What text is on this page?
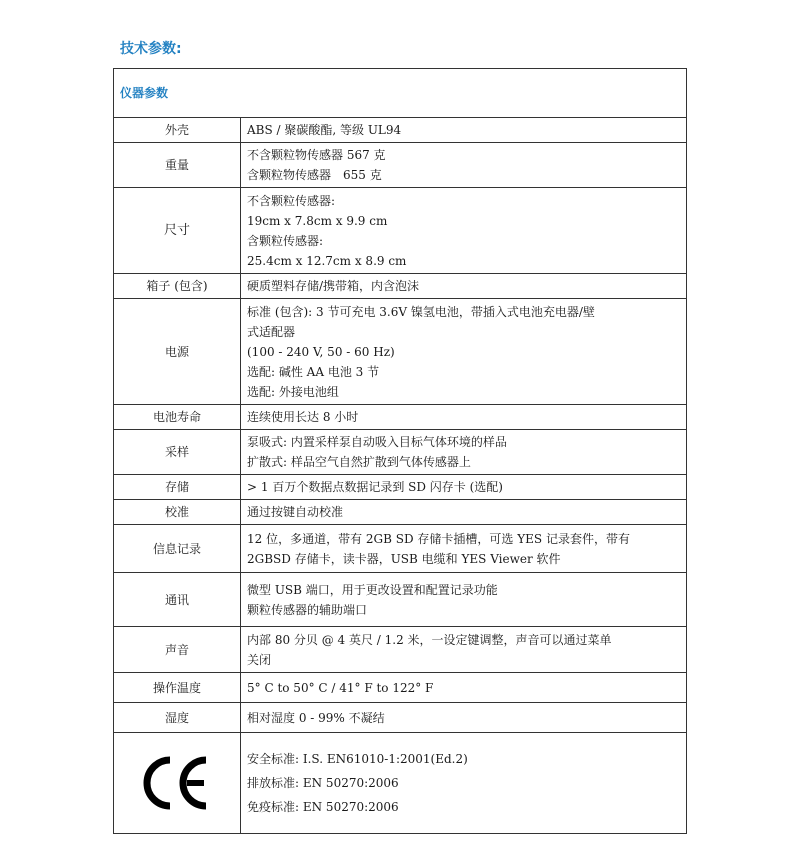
技术参数:
仪器参数	
外壳	ABS / 聚碳酸酯, 等级 UL94

重量	不含颗粒物传感器 567 克
含颗粒物传感器　655 克

尺寸	不含颗粒传感器:
19cm x 7.8cm x 9.9 cm
含颗粒传感器:
25.4cm x 12.7cm x 8.9 cm

箱子 (包含)	硬质塑料存储/携带箱，内含泡沫

电源	标准 (包含): 3 节可充电 3.6V 镍氢电池，带插入式电池充电器/壁
式适配器
(100 - 240 V, 50 - 60 Hz)
选配: 碱性 AA 电池 3 节
选配: 外接电池组

电池寿命	连续使用长达 8 小时

采样	泵吸式: 内置采样泵自动吸入目标气体环境的样品
扩散式: 样品空气自然扩散到气体传感器上

存储	> 1 百万个数据点数据记录到 SD 闪存卡 (选配)

校准	通过按键自动校准

信息记录	12 位，多通道，带有 2GB SD 存储卡插槽，可选 YES 记录套件，带有
2GBSD 存储卡，读卡器，USB 电缆和 YES Viewer 软件

通讯	微型 USB 端口，用于更改设置和配置记录功能
颗粒传感器的辅助端口

声音	内部 80 分贝 @ 4 英尺 / 1.2 米，一设定键调整，声音可以通过菜单
关闭

操作温度	5° C to 50° C / 41° F to 122° F

湿度	相对湿度 0 - 99% 不凝结

安全标准: I.S. EN61010-1:2001(Ed.2)
排放标准: EN 50270:2006
免疫标准: EN 50270:2006
